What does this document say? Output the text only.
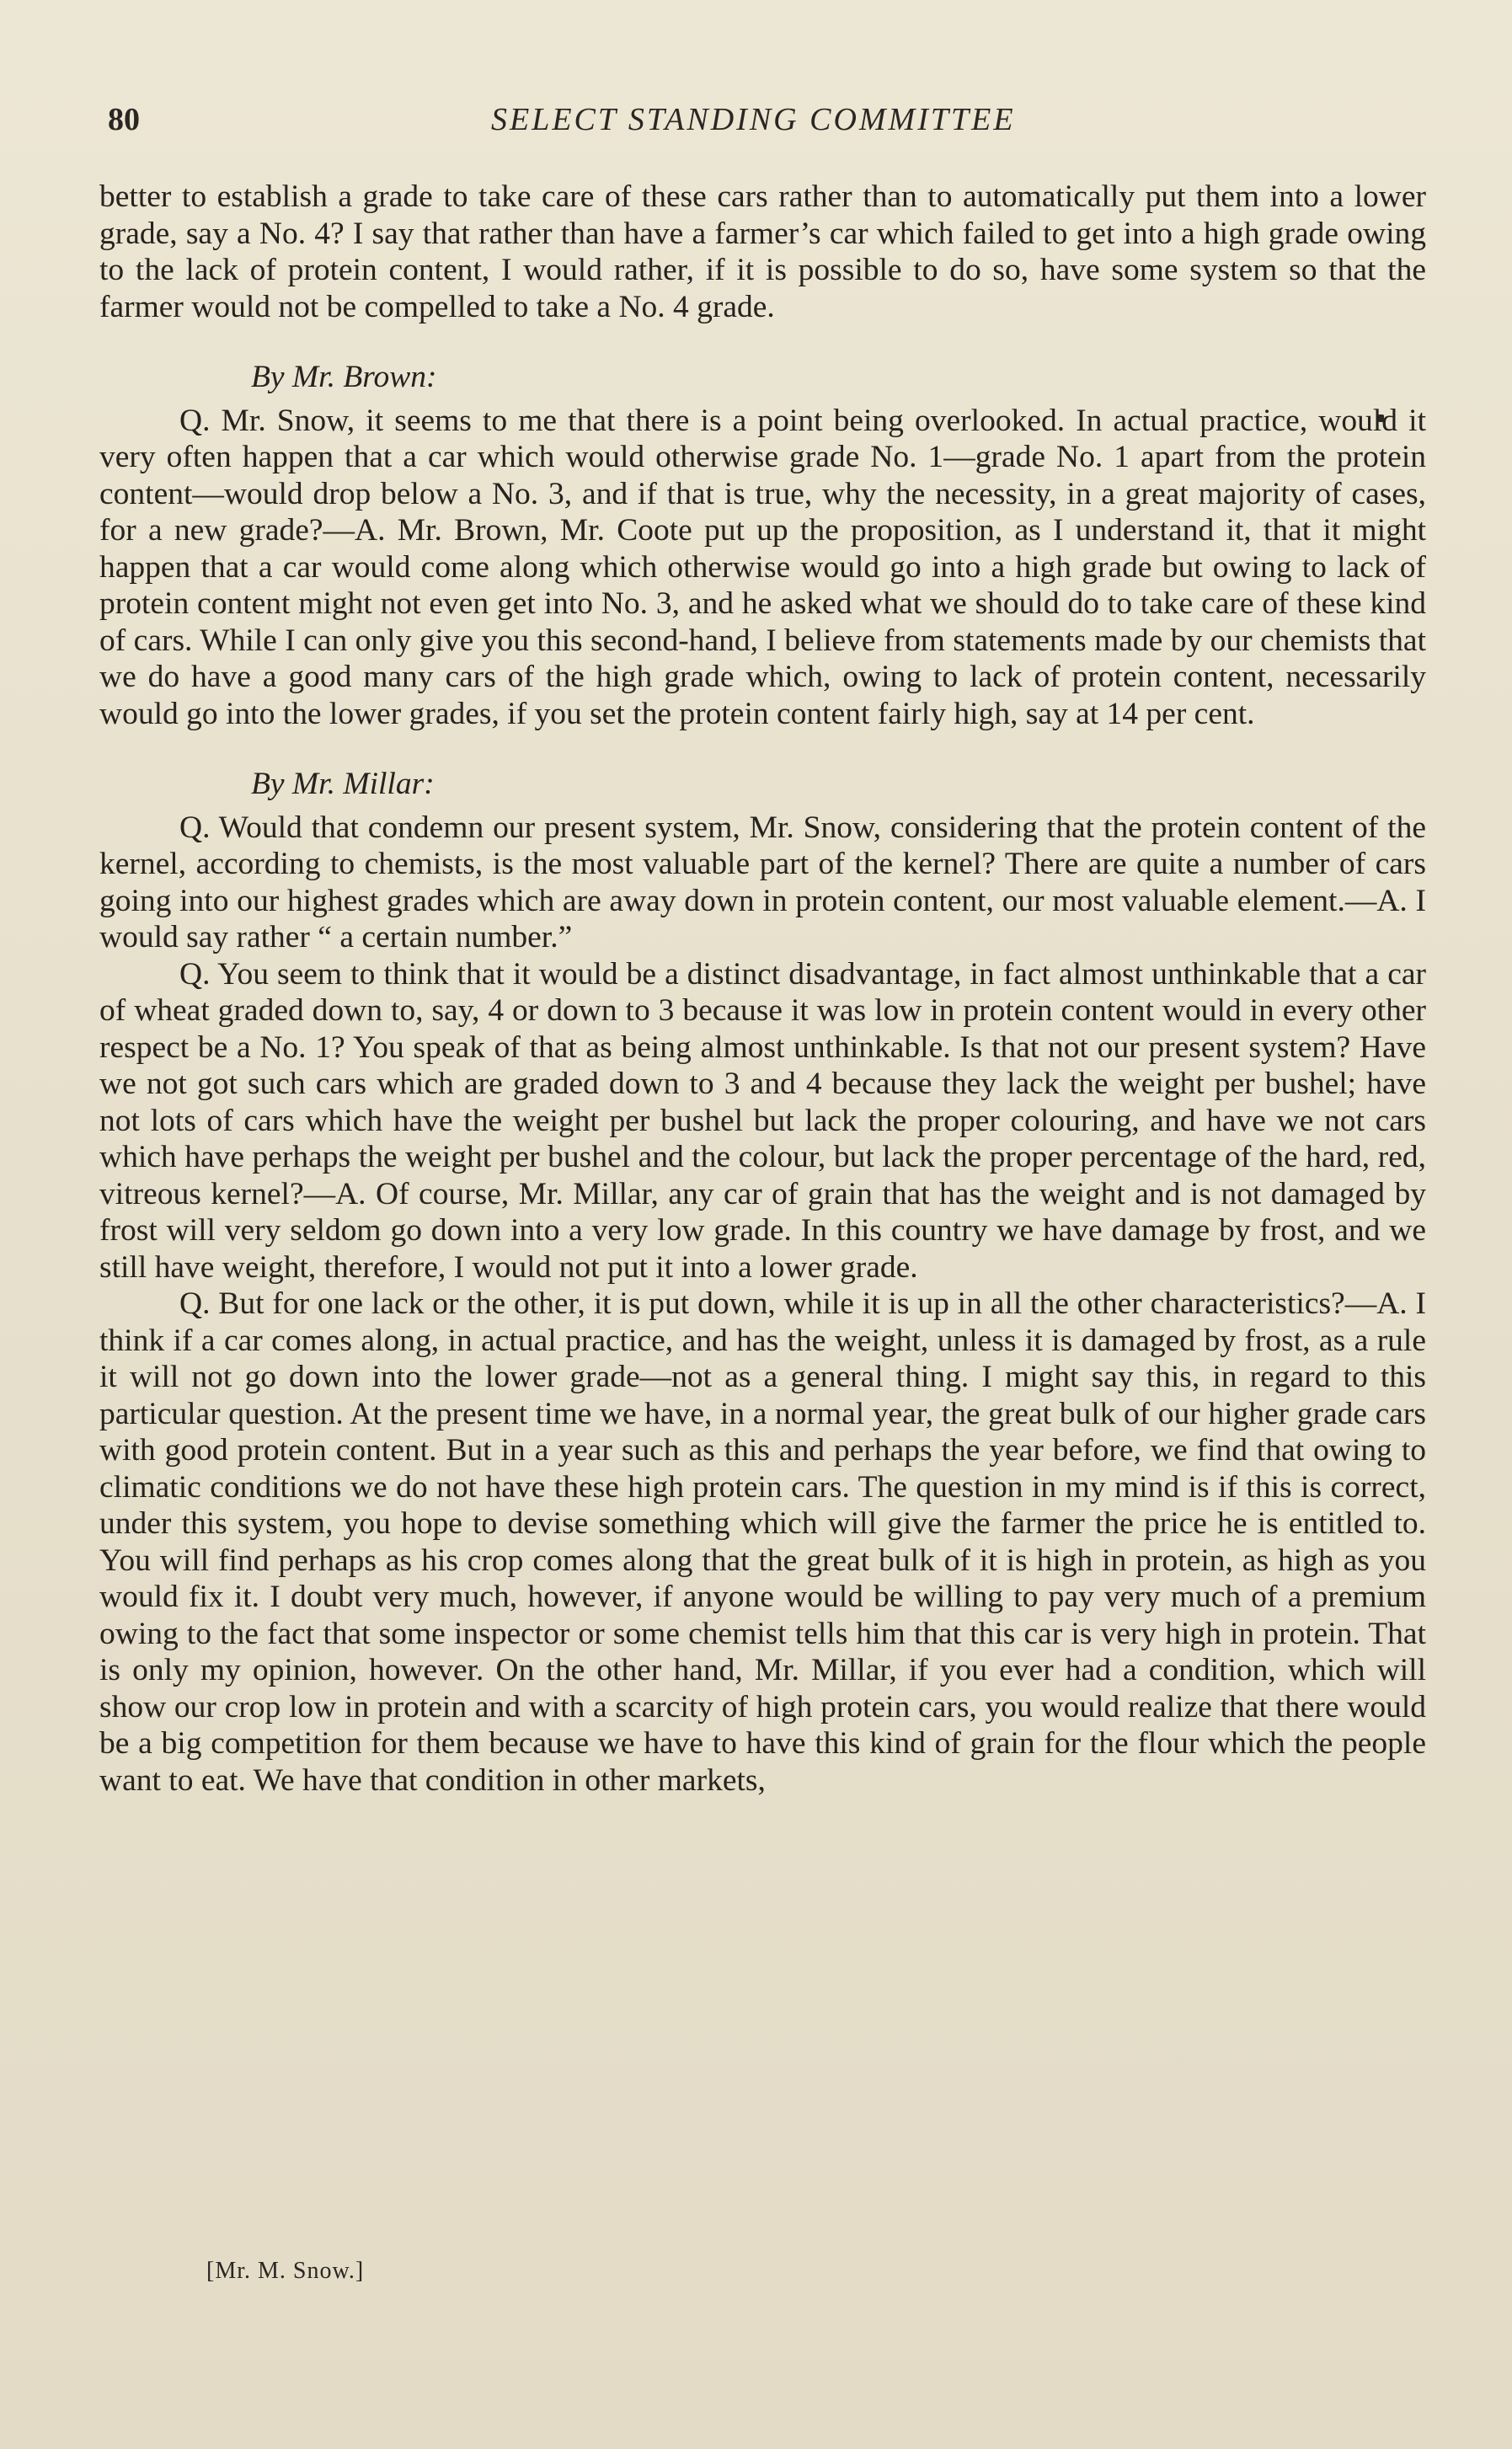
80	SELECT STANDING COMMITTEE

better to establish a grade to take care of these cars rather than to automatically put them into a lower grade, say a No. 4? I say that rather than have a farmer’s car which failed to get into a high grade owing to the lack of protein content, I would rather, if it is possible to do so, have some system so that the farmer would not be compelled to take a No. 4 grade.

By Mr. Brown:

Q. Mr. Snow, it seems to me that there is a point being overlooked. In actual practice, would it very often happen that a car which would otherwise grade No. 1—grade No. 1 apart from the protein content—would drop below a No. 3, and if that is true, why the necessity, in a great majority of cases, for a new grade?—A. Mr. Brown, Mr. Coote put up the proposition, as I understand it, that it might happen that a car would come along which otherwise would go into a high grade but owing to lack of protein content might not even get into No. 3, and he asked what we should do to take care of these kind of cars. While I can only give you this second-hand, I believe from statements made by our chemists that we do have a good many cars of the high grade which, owing to lack of protein content, necessarily would go into the lower grades, if you set the protein content fairly high, say at 14 per cent.

By Mr. Millar:

Q. Would that condemn our present system, Mr. Snow, considering that the protein content of the kernel, according to chemists, is the most valuable part of the kernel? There are quite a number of cars going into our highest grades which are away down in protein content, our most valuable element.—A. I would say rather “ a certain number.”

Q. You seem to think that it would be a distinct disadvantage, in fact almost unthinkable that a car of wheat graded down to, say, 4 or down to 3 because it was low in protein content would in every other respect be a No. 1? You speak of that as being almost unthinkable. Is that not our present system? Have we not got such cars which are graded down to 3 and 4 because they lack the weight per bushel; have not lots of cars which have the weight per bushel but lack the proper colouring, and have we not cars which have perhaps the weight per bushel and the colour, but lack the proper percentage of the hard, red, vitreous kernel?—A. Of course, Mr. Millar, any car of grain that has the weight and is not damaged by frost will very seldom go down into a very low grade. In this country we have damage by frost, and we still have weight, therefore, I would not put it into a lower grade.

Q. But for one lack or the other, it is put down, while it is up in all the other characteristics?—A. I think if a car comes along, in actual practice, and has the weight, unless it is damaged by frost, as a rule it will not go down into the lower grade—not as a general thing. I might say this, in regard to this particular question. At the present time we have, in a normal year, the great bulk of our higher grade cars with good protein content. But in a year such as this and perhaps the year before, we find that owing to climatic conditions we do not have these high protein cars. The question in my mind is if this is correct, under this system, you hope to devise something which will give the farmer the price he is entitled to. You will find perhaps as his crop comes along that the great bulk of it is high in protein, as high as you would fix it. I doubt very much, however, if anyone would be willing to pay very much of a premium owing to the fact that some inspector or some chemist tells him that this car is very high in protein. That is only my opinion, however. On the other hand, Mr. Millar, if you ever had a condition, which will show our crop low in protein and with a scarcity of high protein cars, you would realize that there would be a big competition for them because we have to have this kind of grain for the flour which the people want to eat. We have that condition in other markets,

[Mr. M. Snow.]
